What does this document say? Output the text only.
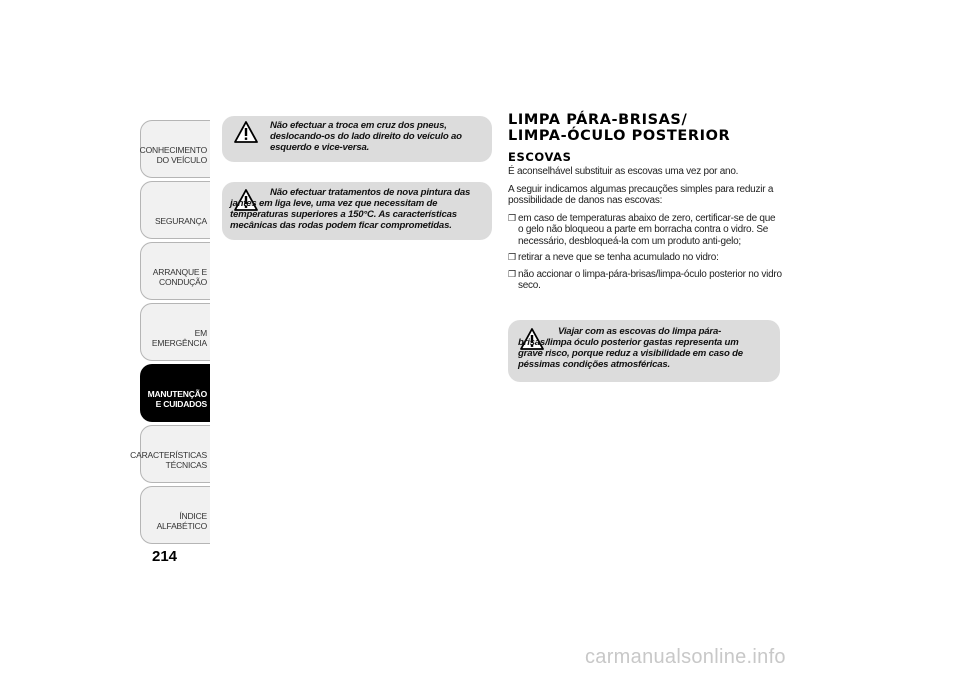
CONHECIMENTO DO VEÍCULO
SEGURANÇA
ARRANQUE E CONDUÇÃO
EM EMERGÊNCIA
MANUTENÇÃO E CUIDADOS
CARACTERÍSTICAS TÉCNICAS
ÍNDICE ALFABÉTICO
214

Não efectuar a troca em cruz dos pneus, deslocando-os do lado direito do veículo ao esquerdo e vice-versa.

Não efectuar tratamentos de nova pintura das jantes em liga leve, uma vez que necessitam de temperaturas superiores a 150°C. As características mecânicas das rodas podem ficar comprometidas.

LIMPA PÁRA-BRISAS/
LIMPA-ÓCULO POSTERIOR
ESCOVAS

É aconselhável substituir as escovas uma vez por ano.

A seguir indicamos algumas precauções simples para reduzir a possibilidade de danos nas escovas:

❒ em caso de temperaturas abaixo de zero, certificar-se de que o gelo não bloqueou a parte em borracha contra o vidro. Se necessário, desbloqueá-la com um produto anti-gelo;
❒ retirar a neve que se tenha acumulado no vidro:
❒ não accionar o limpa-pára-brisas/limpa-óculo posterior no vidro seco.

Viajar com as escovas do limpa pára-brisas/limpa óculo posterior gastas representa um grave risco, porque reduz a visibilidade em caso de péssimas condições atmosféricas.

carmanualsonline.info
